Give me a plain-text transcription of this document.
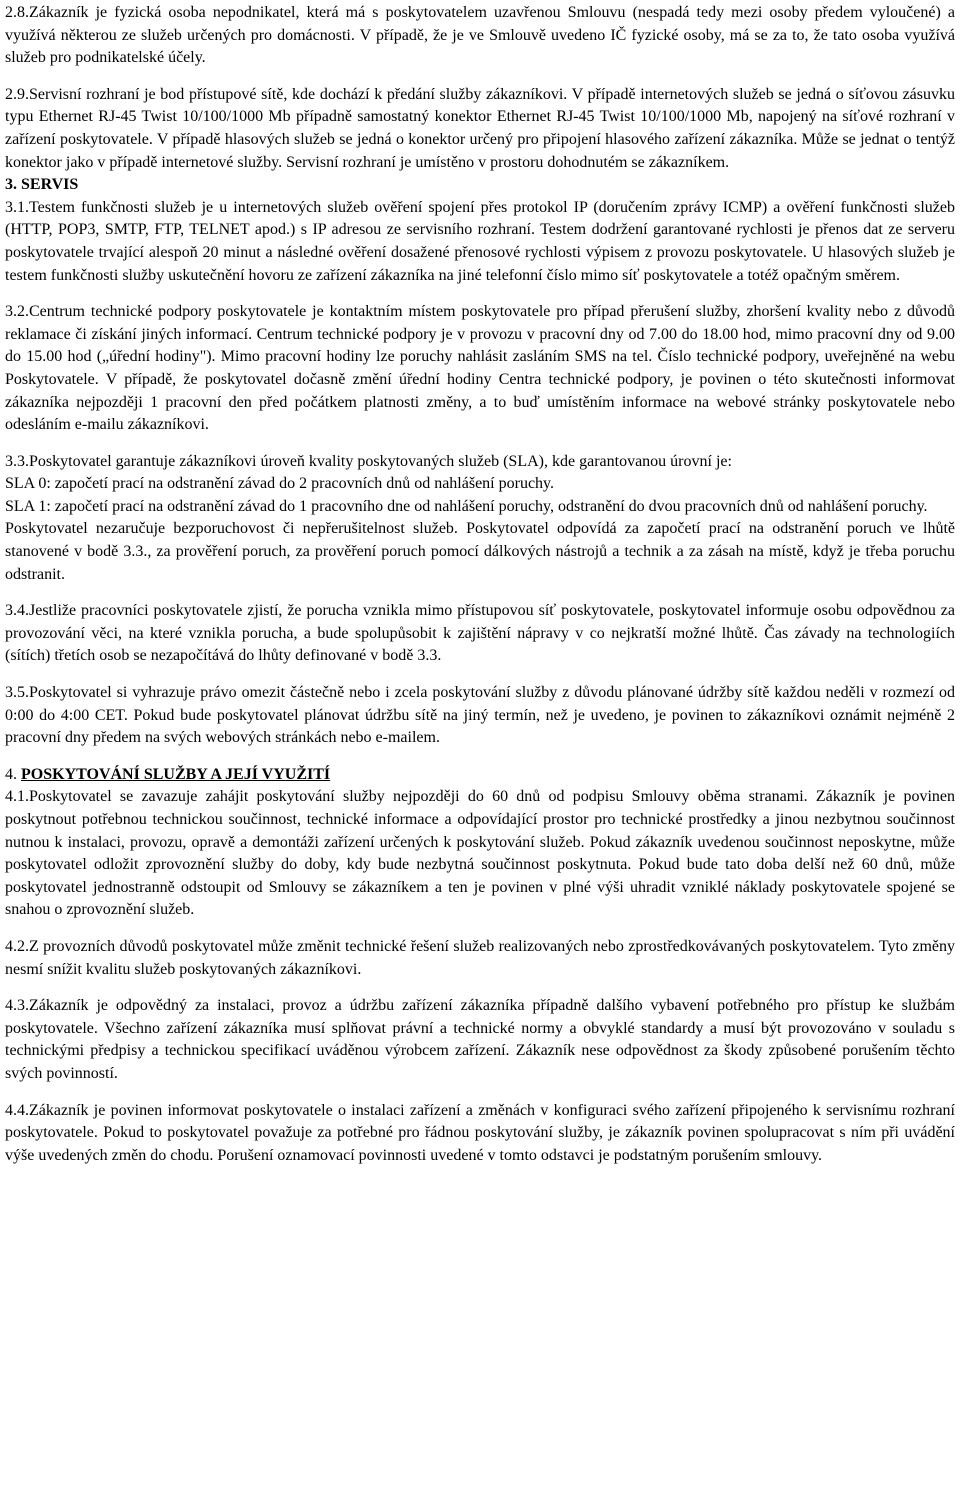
2.8.Zákazník je fyzická osoba nepodnikatel, která má s poskytovatelem uzavřenou Smlouvu (nespadá tedy mezi osoby předem vyloučené) a využívá některou ze služeb určených pro domácnosti. V případě, že je ve Smlouvě uvedeno IČ fyzické osoby, má se za to, že tato osoba využívá služeb pro podnikatelské účely.

2.9.Servisní rozhraní je bod přístupové sítě, kde dochází k předání služby zákazníkovi. V případě internetových služeb se jedná o síťovou zásuvku typu Ethernet RJ-45 Twist 10/100/1000 Mb případně samostatný konektor Ethernet RJ-45 Twist 10/100/1000 Mb, napojený na síťové rozhraní v zařízení poskytovatele. V případě hlasových služeb se jedná o konektor určený pro připojení hlasového zařízení zákazníka. Může se jednat o tentýž konektor jako v případě internetové služby. Servisní rozhraní je umístěno v prostoru dohodnutém se zákazníkem.

3. SERVIS

3.1.Testem funkčnosti služeb je u internetových služeb ověření spojení přes protokol IP (doručením zprávy ICMP) a ověření funkčnosti služeb (HTTP, POP3, SMTP, FTP, TELNET apod.) s IP adresou ze servisního rozhraní. Testem dodržení garantované rychlosti je přenos dat ze serveru poskytovatele trvající alespoň 20 minut a následné ověření dosažené přenosové rychlosti výpisem z provozu poskytovatele. U hlasových služeb je testem funkčnosti služby uskutečnění hovoru ze zařízení zákazníka na jiné telefonní číslo mimo síť poskytovatele a totéž opačným směrem.

3.2.Centrum technické podpory poskytovatele je kontaktním místem poskytovatele pro případ přerušení služby, zhoršení kvality nebo z důvodů reklamace či získání jiných informací. Centrum technické podpory je v provozu v pracovní dny od 7.00 do 18.00 hod, mimo pracovní dny od 9.00 do 15.00 hod („úřední hodiny"). Mimo pracovní hodiny lze poruchy nahlásit zasláním SMS na tel. Číslo technické podpory, uveřejněné na webu Poskytovatele. V případě, že poskytovatel dočasně změní úřední hodiny Centra technické podpory, je povinen o této skutečnosti informovat zákazníka nejpozději 1 pracovní den před počátkem platnosti změny, a to buď umístěním informace na webové stránky poskytovatele nebo odesláním e-mailu zákazníkovi.

3.3.Poskytovatel garantuje zákazníkovi úroveň kvality poskytovaných služeb (SLA), kde garantovanou úrovní je:

SLA 0: započetí prací na odstranění závad do 2 pracovních dnů od nahlášení poruchy.

SLA 1: započetí prací na odstranění závad do 1 pracovního dne od nahlášení poruchy, odstranění do dvou pracovních dnů od nahlášení poruchy.

Poskytovatel nezaručuje bezporuchovost či nepřerušitelnost služeb. Poskytovatel odpovídá za započetí prací na odstranění poruch ve lhůtě stanovené v bodě 3.3., za prověření poruch, za prověření poruch pomocí dálkových nástrojů a technik a za zásah na místě, když je třeba poruchu odstranit.

3.4.Jestliže pracovníci poskytovatele zjistí, že porucha vznikla mimo přístupovou síť poskytovatele, poskytovatel informuje osobu odpovědnou za provozování věci, na které vznikla porucha, a bude spolupůsobit k zajištění nápravy v co nejkratší možné lhůtě. Čas závady na technologiích (sítích) třetích osob se nezapočítává do lhůty definované v bodě 3.3.

3.5.Poskytovatel si vyhrazuje právo omezit částečně nebo i zcela poskytování služby z důvodu plánované údržby sítě každou neděli v rozmezí od 0:00 do 4:00 CET. Pokud bude poskytovatel plánovat údržbu sítě na jiný termín, než je uvedeno, je povinen to zákazníkovi oznámit nejméně 2 pracovní dny předem na svých webových stránkách nebo e-mailem.

4. POSKYTOVÁNÍ SLUŽBY A JEJÍ VYUŽITÍ

4.1.Poskytovatel se zavazuje zahájit poskytování služby nejpozději do 60 dnů od podpisu Smlouvy oběma stranami. Zákazník je povinen poskytnout potřebnou technickou součinnost, technické informace a odpovídající prostor pro technické prostředky a jinou nezbytnou součinnost nutnou k instalaci, provozu, opravě a demontáži zařízení určených k poskytování služeb. Pokud zákazník uvedenou součinnost neposkytne, může poskytovatel odložit zprovoznění služby do doby, kdy bude nezbytná součinnost poskytnuta. Pokud bude tato doba delší než 60 dnů, může poskytovatel jednostranně odstoupit od Smlouvy se zákazníkem a ten je povinen v plné výši uhradit vzniklé náklady poskytovatele spojené se snahou o zprovoznění služeb.

4.2.Z provozních důvodů poskytovatel může změnit technické řešení služeb realizovaných nebo zprostředkovávaných poskytovatelem. Tyto změny nesmí snížit kvalitu služeb poskytovaných zákazníkovi.

4.3.Zákazník je odpovědný za instalaci, provoz a údržbu zařízení zákazníka případně dalšího vybavení potřebného pro přístup ke službám poskytovatele. Všechno zařízení zákazníka musí splňovat právní a technické normy a obvyklé standardy a musí být provozováno v souladu s technickými předpisy a technickou specifikací uváděnou výrobcem zařízení. Zákazník nese odpovědnost za škody způsobené porušením těchto svých povinností.

4.4.Zákazník je povinen informovat poskytovatele o instalaci zařízení a změnách v konfiguraci svého zařízení připojeného k servisnímu rozhraní poskytovatele. Pokud to poskytovatel považuje za potřebné pro řádnou poskytování služby, je zákazník povinen spolupracovat s ním při uvádění výše uvedených změn do chodu. Porušení oznamovací povinnosti uvedené v tomto odstavci je podstatným porušením smlouvy.
